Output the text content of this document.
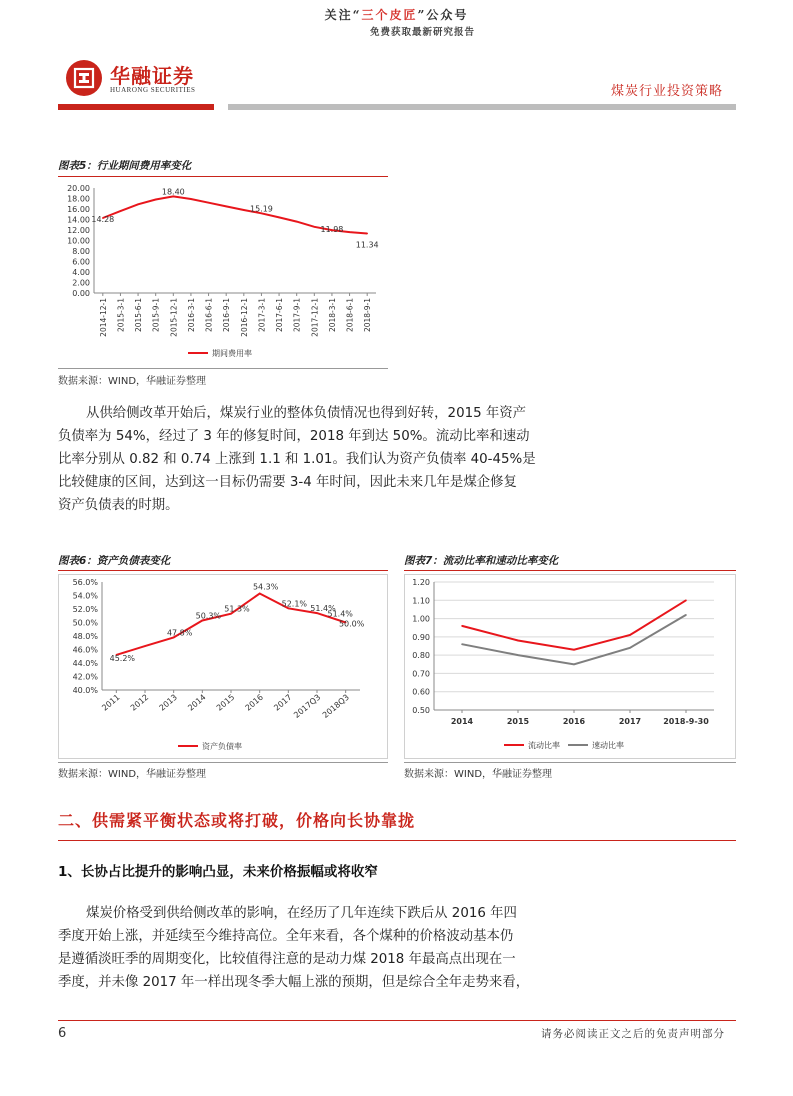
关注“三个皮匠”公众号
免费获取最新研究报告
华融证券
HUARONG SECURITIES	煤炭行业投资策略
图表5：行业期间费用率变化
0.00
2.00
4.00
6.00
8.00
10.00
12.00
14.00
16.00
18.00
20.00
2014-12-1 2015-3-1 2015-6-1 2015-9-1 2015-12-1 2016-3-1 2016-6-1 2016-9-1 2016-12-1 2017-3-1 2017-6-1 2017-9-1 2017-12-1 2018-3-1 2018-6-1 2018-9-1
14.28
18.40
15.19
11.98
11.34
期间费用率
数据来源：WIND，华融证券整理
从供给侧改革开始后，煤炭行业的整体负债情况也得到好转，2015 年资产
负债率为 54%，经过了 3 年的修复时间，2018 年到达 50%。流动比率和速动
比率分别从 0.82 和 0.74 上涨到 1.1 和 1.01。我们认为资产负债率 40-45%是
比较健康的区间，达到这一目标仍需要 3-4 年时间，因此未来几年是煤企修复
资产负债表的时期。
图表6：资产负债表变化
40.0%
42.0%
44.0%
46.0%
48.0%
50.0%
52.0%
54.0%
56.0%
2011 2012 2013 2014 2015 2016 2017
2017Q3
2018Q3
45.2%
47.8%
50.3%
51.3%
54.3%
52.1%
51.4%
51.4%
50.0%
资产负债率
数据来源：WIND，华融证券整理
图表7：流动比率和速动比率变化
0.50
0.60
0.70
0.80
0.90
1.00
1.10
1.20
2014	2015	2016	2017	2018-9-30
流动比率	速动比率
数据来源：WIND，华融证券整理
二、供需紧平衡状态或将打破，价格向长协靠拢
1、长协占比提升的影响凸显，未来价格振幅或将收窄
煤炭价格受到供给侧改革的影响，在经历了几年连续下跌后从 2016 年四
季度开始上涨，并延续至今维持高位。全年来看，各个煤种的价格波动基本仍
是遵循淡旺季的周期变化，比较值得注意的是动力煤 2018 年最高点出现在一
季度，并未像 2017 年一样出现冬季大幅上涨的预期，但是综合全年走势来看，
6	请务必阅读正文之后的免责声明部分
